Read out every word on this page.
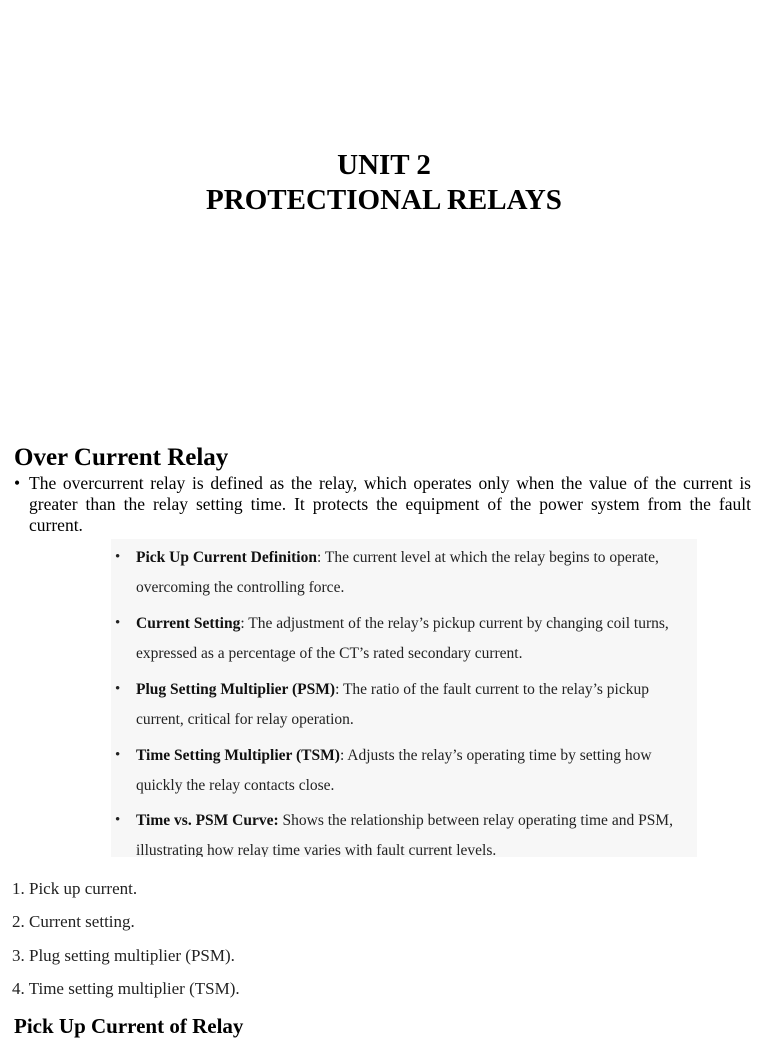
UNIT 2

PROTECTIONAL RELAYS

Over Current Relay
• The overcurrent relay is defined as the relay, which operates only when the value of the current is greater than the relay setting time. It protects the equipment of the power system from the fault current.
• Pick Up Current Definition: The current level at which the relay begins to operate, overcoming the controlling force.
• Current Setting: The adjustment of the relay’s pickup current by changing coil turns, expressed as a percentage of the CT’s rated secondary current.
• Plug Setting Multiplier (PSM): The ratio of the fault current to the relay’s pickup current, critical for relay operation.
• Time Setting Multiplier (TSM): Adjusts the relay’s operating time by setting how quickly the relay contacts close.
• Time vs. PSM Curve: Shows the relationship between relay operating time and PSM, illustrating how relay time varies with fault current levels.
1. Pick up current.
2. Current setting.
3. Plug setting multiplier (PSM).
4. Time setting multiplier (TSM).
Pick Up Current of Relay
